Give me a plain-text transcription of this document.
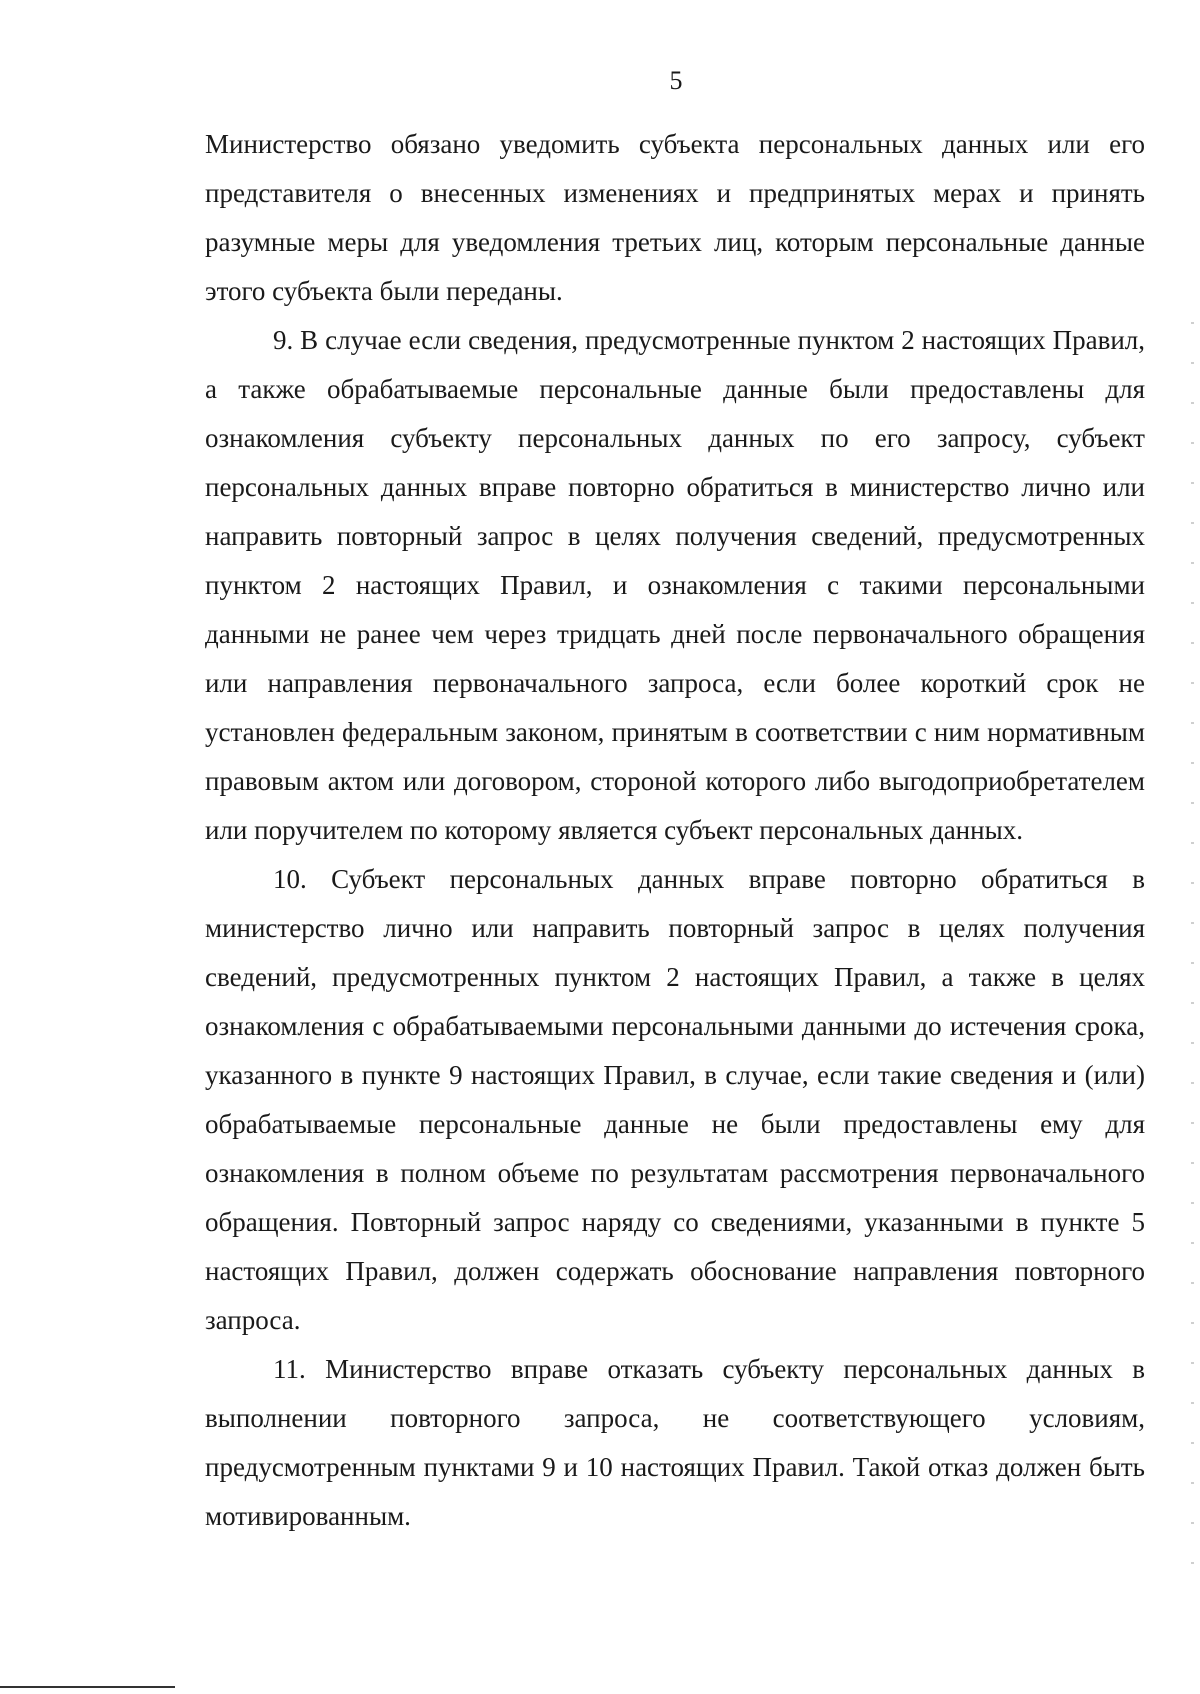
5

Министерство обязано уведомить субъекта персональных данных или его представителя о внесенных изменениях и предпринятых мерах и принять разумные меры для уведомления третьих лиц, которым персональные данные этого субъекта были переданы.

9. В случае если сведения, предусмотренные пунктом 2 настоящих Правил, а также обрабатываемые персональные данные были предоставлены для ознакомления субъекту персональных данных по его запросу, субъект персональных данных вправе повторно обратиться в министерство лично или направить повторный запрос в целях получения сведений, предусмотренных пунктом 2 настоящих Правил, и ознакомления с такими персональными данными не ранее чем через тридцать дней после первоначального обращения или направления первоначального запроса, если более короткий срок не установлен федеральным законом, принятым в соответствии с ним нормативным правовым актом или договором, стороной которого либо выгодоприобретателем или поручителем по которому является субъект персональных данных.

10. Субъект персональных данных вправе повторно обратиться в министерство лично или направить повторный запрос в целях получения сведений, предусмотренных пунктом 2 настоящих Правил, а также в целях ознакомления с обрабатываемыми персональными данными до истечения срока, указанного в пункте 9 настоящих Правил, в случае, если такие сведения и (или) обрабатываемые персональные данные не были предоставлены ему для ознакомления в полном объеме по результатам рассмотрения первоначального обращения. Повторный запрос наряду со сведениями, указанными в пункте 5 настоящих Правил, должен содержать обоснование направления повторного запроса.

11. Министерство вправе отказать субъекту персональных данных в выполнении повторного запроса, не соответствующего условиям, предусмотренным пунктами 9 и 10 настоящих Правил. Такой отказ должен быть мотивированным.
